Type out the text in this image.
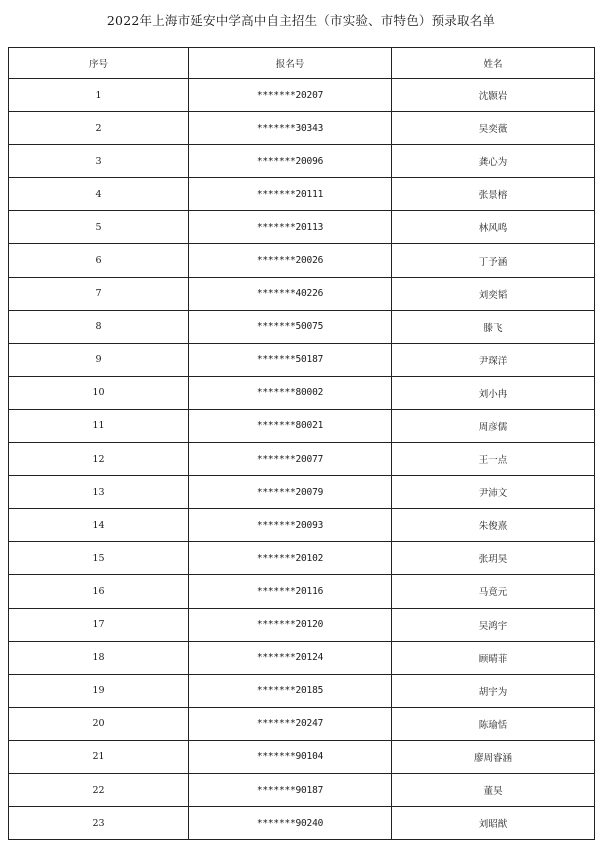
2022年上海市延安中学高中自主招生（市实验、市特色）预录取名单
序号	报名号	姓名
1	*******20207	沈颢岩
2	*******30343	吴奕薇
3	*******20096	龚心为
4	*******20111	张景榕
5	*******20113	林风鸣
6	*******20026	丁予涵
7	*******40226	刘奕韬
8	*******50075	滕飞
9	*******50187	尹琛洋
10	*******80002	刘小冉
11	*******80021	周彦儒
12	*******20077	王一点
13	*******20079	尹沛文
14	*******20093	朱俊熹
15	*******20102	张玥昊
16	*******20116	马竟元
17	*******20120	吴鸿宇
18	*******20124	顾晴菲
19	*******20185	胡宇为
20	*******20247	陈瑜恬
21	*******90104	廖周睿涵
22	*******90187	董昊
23	*******90240	刘昭猷
